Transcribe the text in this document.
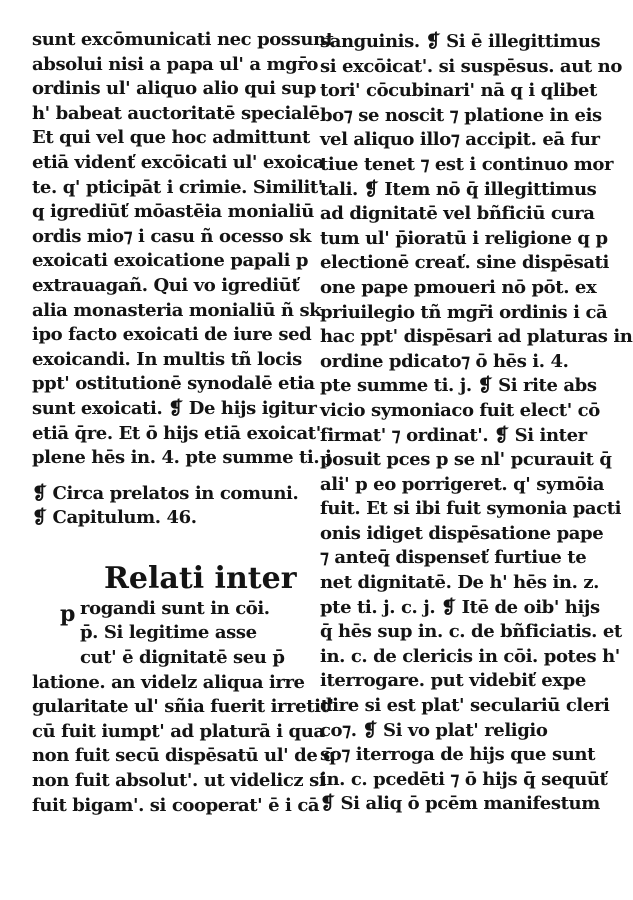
sunt excōmunicati nec possunt
absolui nisi a papa ul' a mgr̄o
ordinis ul' aliquo alio qui sup
h' babeat auctoritatē specialē
Et qui vel que hoc admittunt
etiā videnť excōicati ul' exoica
te. q' pticipāt i crimie. Similit'
q igrediūť mōastēia monialiū
ordis mio⁊ i casu ñ ocesso sk
exoicati exoicatione papali p
extrauagañ. Qui vo igrediūť
alia monasteria monialiū ñ sk
ipo facto exoicati de iure sed
exoicandi. In multis tñ locis
ppt' ostitutionē synodalē etia
sunt exoicati. ❡ De hijs igitur
etiā q̄re. Et ō hijs etiā exoicat'
plene hēs in. 4. pte summe ti. j
❡ Circa prelatos in comuni.
❡ Capitulum. 46.
Relati inter
p rogandi sunt in cōi.
p̄. Si legitime asse
cut' ē dignitatē seu p̄
latione. an videlz aliqua irre
gularitate ul' sñia fuerit irretit'
cū fuit iumpt' ad platurā i qua
non fuit secū dispēsatū ul' de q̄
non fuit absolut'. ut videlicz si
fuit bigam'. si cooperat' ē i cā
sanguinis. ❡ Si ē illegittimus
si excōicat'. si suspēsus. aut no
tori' cōcubinari' nā q i qlibet
bo⁊ se noscit ⁊ platione in eis
vel aliquo illo⁊ accipit. eā fur
tiue tenet ⁊ est i continuo mor
tali. ❡ Item nō q̄ illegittimus
ad dignitatē vel bñficiū cura
tum ul' p̄ioratū i religione q p
electionē creať. sine dispēsati
one pape pmoueri nō pōt. ex
priuilegio tñ mgr̄i ordinis i cā
hac ppt' dispēsari ad platuras in
ordine pdicato⁊ ō hēs i. 4.
pte summe ti. j. ❡ Si rite abs
vicio symoniaco fuit elect' cō
firmat' ⁊ ordinat'. ❡ Si inter
posuit pces p se nl' pcurauit q̄
ali' p eo porrigeret. q' symōia
fuit. Et si ibi fuit symonia pacti
onis idiget dispēsatione pape
⁊ anteq̄ dispenseť furtiue te
net dignitatē. De h' hēs in. z.
pte ti. j. c. j. ❡ Itē de oib' hijs
q̄ hēs sup in. c. de bñficiatis. et
in. c. de clericis in cōi. potes h'
iterrogare. put videbiť expe
dire si est plat' seculariū cleri
co⁊. ❡ Si vo plat' religio
so⁊ iterroga de hijs que sunt
in. c. pcedēti ⁊ ō hijs q̄ sequūť
❡ Si aliq ō pcēm manifestum
